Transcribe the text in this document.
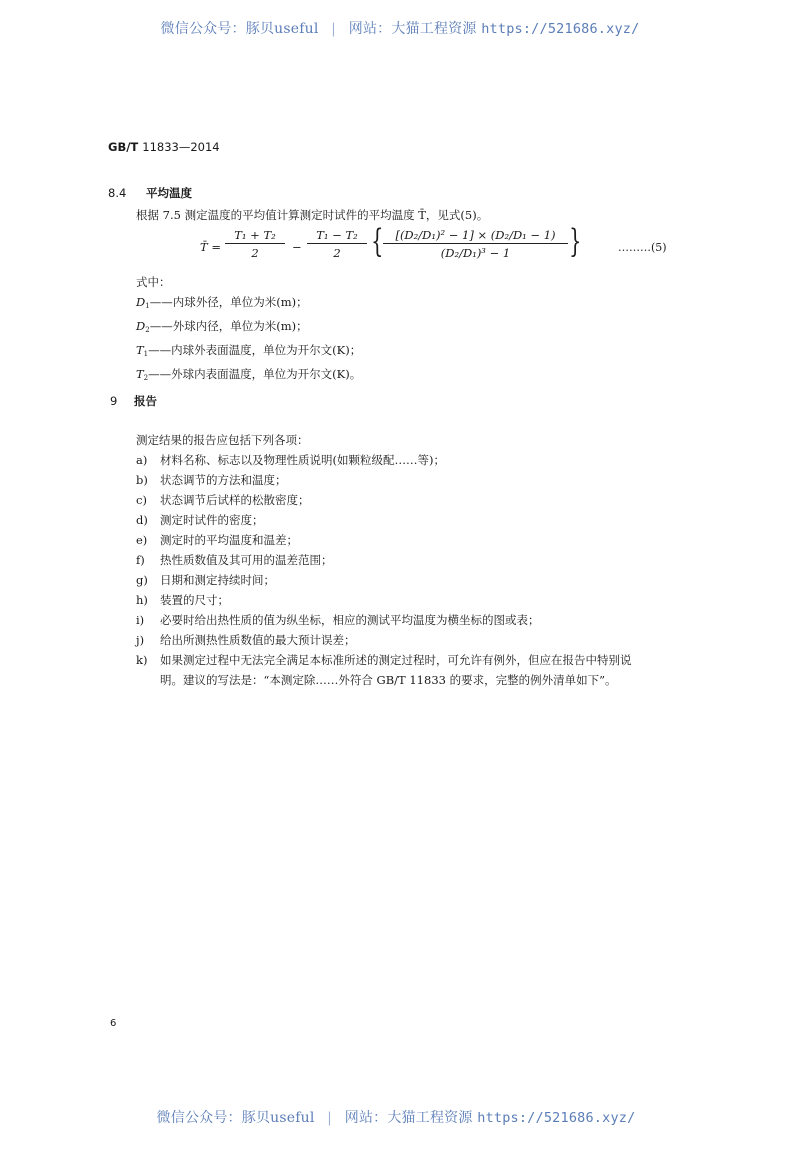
微信公众号：豚贝useful | 网站：大猫工程资源 https://521686.xyz/
GB/T 11833—2014
8.4 平均温度
根据 7.5 测定温度的平均值计算测定时试件的平均温度 T̄，见式(5)。
T̄ = $\frac{\text{T₁ + T₂}}{2} - \frac{\text{T₁ − T₂}}{2}$ {	[(D₂/D₁)² − 1] × (D₂/D₁ − 1)
(D₂/D₁)³ − 1	}	………(5)
式中：
$D_1——$内球外径，单位为米(m)；
$D_2——$外球内径，单位为米(m)；
$T_1——$内球外表面温度，单位为开尔文(K)；
$T_2——$外球内表面温度，单位为开尔文(K)。
9 报告
测定结果的报告应包括下列各项：
a) 材料名称、标志以及物理性质说明(如颗粒级配……等)；
b) 状态调节的方法和温度；
c) 状态调节后试样的松散密度；
d) 测定时试件的密度；
e) 测定时的平均温度和温差；
f) 热性质数值及其可用的温差范围；
g) 日期和测定持续时间；
h) 装置的尺寸；
i) 必要时给出热性质的值为纵坐标，相应的测试平均温度为横坐标的图或表；
j) 给出所测热性质数值的最大预计误差；
k) 如果测定过程中无法完全满足本标准所述的测定过程时，可允许有例外，但应在报告中特别说
明。建议的写法是：“本测定除……外符合 GB/T 11833 的要求，完整的例外清单如下”。
6
微信公众号：豚贝useful | 网站：大猫工程资源 https://521686.xyz/
